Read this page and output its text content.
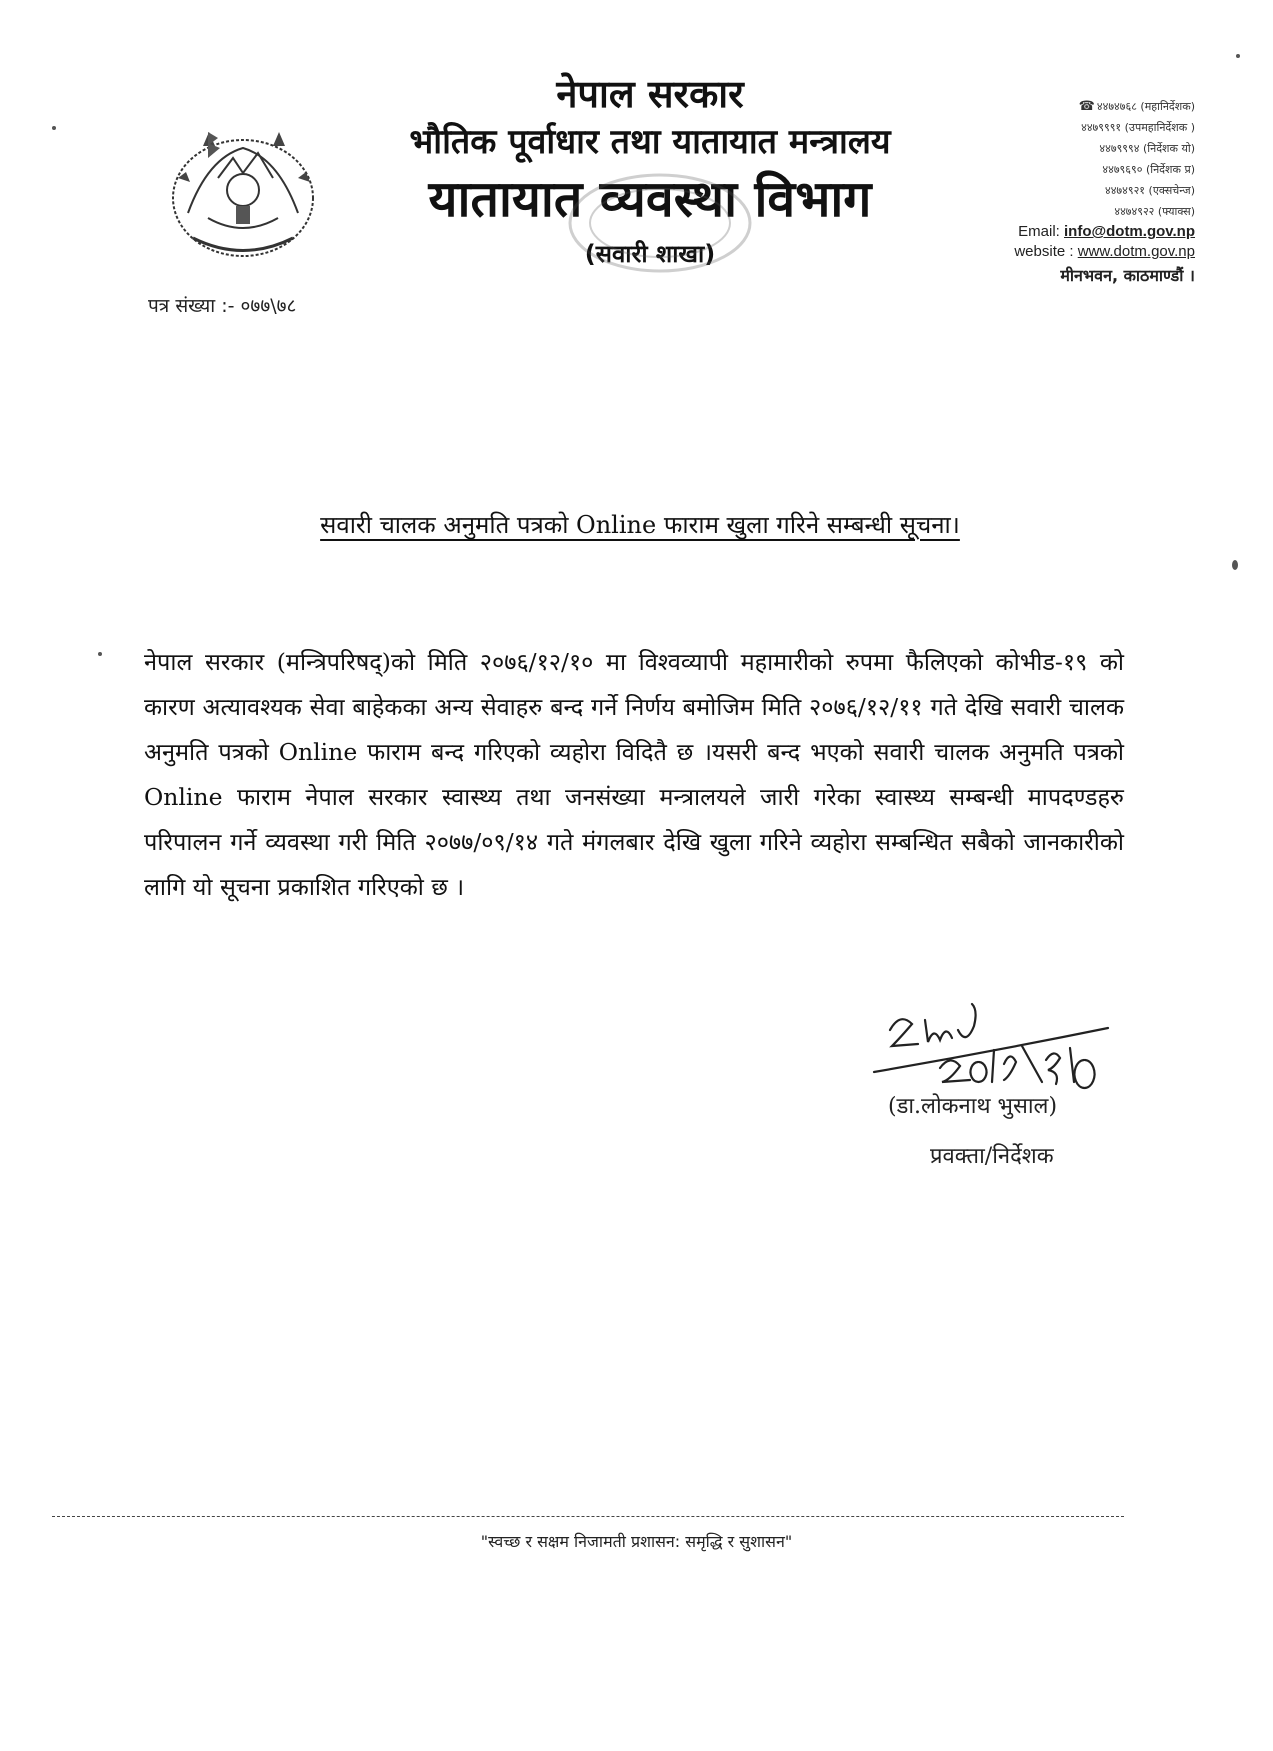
नेपाल सरकार
भौतिक पूर्वाधार तथा यातायात मन्त्रालय
यातायात व्यवस्था विभाग
(सवारी शाखा)
☎ ४४७४७६८ (महानिर्देशक)
४४७९९९१ (उपमहानिर्देशक )
४४७९९९४ (निर्देशक यो)
४४७९६९० (निर्देशक प्र)
४४७४९२१ (एक्सचेन्ज)
४४७४९२२ (फ्याक्स)
Email: info@dotm.gov.np
website : www.dotm.gov.np
मीनभवन, काठमाण्डौं ।
पत्र संख्या :- ०७७\७८
सवारी चालक अनुमति पत्रको Online फाराम खुला गरिने सम्बन्धी सूचना।
नेपाल सरकार (मन्त्रिपरिषद्)को मिति २०७६/१२/१० मा विश्वव्यापी महामारीको रुपमा फैलिएको कोभीड-१९ को कारण अत्यावश्यक सेवा बाहेकका अन्य सेवाहरु बन्द गर्ने निर्णय बमोजिम मिति २०७६/१२/११ गते देखि सवारी चालक अनुमति पत्रको Online फाराम बन्द गरिएको व्यहोरा विदितै छ ।यसरी बन्द भएको सवारी चालक अनुमति पत्रको Online फाराम नेपाल सरकार स्वास्थ्य तथा जनसंख्या मन्त्रालयले जारी गरेका स्वास्थ्य सम्बन्धी मापदण्डहरु परिपालन गर्ने व्यवस्था गरी मिति २०७७/०९/१४ गते मंगलबार देखि खुला गरिने व्यहोरा सम्बन्धित सबैको जानकारीको लागि यो सूचना प्रकाशित गरिएको छ ।
(डा.लोकनाथ भुसाल)
प्रवक्ता/निर्देशक
"स्वच्छ र सक्षम निजामती प्रशासन: समृद्धि र सुशासन"
